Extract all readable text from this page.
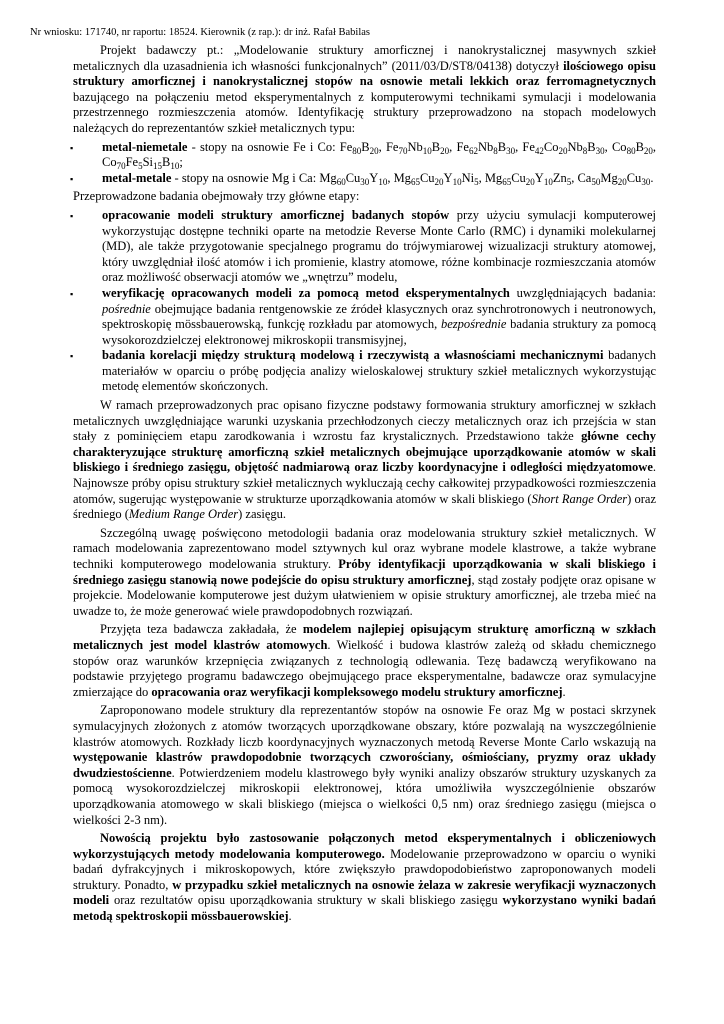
Nr wniosku: 171740, nr raportu: 18524. Kierownik (z rap.): dr inż. Rafał Babilas

Projekt badawczy pt.: „Modelowanie struktury amorficznej i nanokrystalicznej masywnych szkieł metalicznych dla uzasadnienia ich własności funkcjonalnych” (2011/03/D/ST8/04138) dotyczył ilościowego opisu struktury amorficznej i nanokrystalicznej stopów na osnowie metali lekkich oraz ferromagnetycznych bazującego na połączeniu metod eksperymentalnych z komputerowymi technikami symulacji i modelowania przestrzennego rozmieszczenia atomów. Identyfikację struktury przeprowadzono na stopach modelowych należących do reprezentantów szkieł metalicznych typu:

▪ metal-niemetale - stopy na osnowie Fe i Co: $Fe_{80}B_{20}$, $Fe_{70}Nb_{10}B_{20}$, $Fe_{62}Nb_8B_{30}$, $Fe_{42}Co_{20}Nb_8B_{30}$, $Co_{80}B_{20}$, $Co_{70}Fe_5Si_{15}B_{10}$;
▪ metal-metale - stopy na osnowie Mg i Ca: $Mg_{60}Cu_{30}Y_{10}$, $Mg_{65}Cu_{20}Y_{10}Ni_5$, $Mg_{65}Cu_{20}Y_{10}Zn_5$, $Ca_{50}Mg_{20}Cu_{30}$.

Przeprowadzone badania obejmowały trzy główne etapy:

▪ opracowanie modeli struktury amorficznej badanych stopów przy użyciu symulacji komputerowej wykorzystując dostępne techniki oparte na metodzie Reverse Monte Carlo (RMC) i dynamiki molekularnej (MD), ale także przygotowanie specjalnego programu do trójwymiarowej wizualizacji struktury atomowej, który uwzględniał ilość atomów i ich promienie, klastry atomowe, różne kombinacje rozmieszczania atomów oraz możliwość obserwacji atomów we „wnętrzu” modelu,
▪ weryfikację opracowanych modeli za pomocą metod eksperymentalnych uwzględniających badania: pośrednie obejmujące badania rentgenowskie ze źródeł klasycznych oraz synchrotronowych i neutronowych, spektroskopię mössbauerowską, funkcję rozkładu par atomowych, bezpośrednie badania struktury za pomocą wysokorozdzielczej elektronowej mikroskopii transmisyjnej,
▪ badania korelacji między strukturą modelową i rzeczywistą a własnościami mechanicznymi badanych materiałów w oparciu o próbę podjęcia analizy wieloskalowej struktury szkieł metalicznych wykorzystując metodę elementów skończonych.

W ramach przeprowadzonych prac opisano fizyczne podstawy formowania struktury amorficznej w szkłach metalicznych uwzględniające warunki uzyskania przechłodzonych cieczy metalicznych oraz ich przejścia w stan stały z pominięciem etapu zarodkowania i wzrostu faz krystalicznych. Przedstawiono także główne cechy charakteryzujące strukturę amorficzną szkieł metalicznych obejmujące uporządkowanie atomów w skali bliskiego i średniego zasięgu, objętość nadmiarową oraz liczby koordynacyjne i odległości międzyatomowe. Najnowsze próby opisu struktury szkieł metalicznych wykluczają cechy całkowitej przypadkowości rozmieszczenia atomów, sugerując występowanie w strukturze uporządkowania atomów w skali bliskiego (Short Range Order) oraz średniego (Medium Range Order) zasięgu.

Szczególną uwagę poświęcono metodologii badania oraz modelowania struktury szkieł metalicznych. W ramach modelowania zaprezentowano model sztywnych kul oraz wybrane modele klastrowe, a także wybrane techniki komputerowego modelowania struktury. Próby identyfikacji uporządkowania w skali bliskiego i średniego zasięgu stanowią nowe podejście do opisu struktury amorficznej, stąd zostały podjęte oraz opisane w projekcie. Modelowanie komputerowe jest dużym ułatwieniem w opisie struktury amorficznej, ale trzeba mieć na uwadze to, że może generować wiele prawdopodobnych rozwiązań.

Przyjęta teza badawcza zakładała, że modelem najlepiej opisującym strukturę amorficzną w szkłach metalicznych jest model klastrów atomowych. Wielkość i budowa klastrów zależą od składu chemicznego stopów oraz warunków krzepnięcia związanych z technologią odlewania. Tezę badawczą weryfikowano na podstawie przyjętego programu badawczego obejmującego prace eksperymentalne, badawcze oraz symulacyjne zmierzające do opracowania oraz weryfikacji kompleksowego modelu struktury amorficznej.

Zaproponowano modele struktury dla reprezentantów stopów na osnowie Fe oraz Mg w postaci skrzynek symulacyjnych złożonych z atomów tworzących uporządkowane obszary, które pozwalają na wyszczególnienie klastrów atomowych. Rozkłady liczb koordynacyjnych wyznaczonych metodą Reverse Monte Carlo wskazują na występowanie klastrów prawdopodobnie tworzących czworościany, ośmiościany, pryzmy oraz układy dwudziestościenne. Potwierdzeniem modelu klastrowego były wyniki analizy obszarów struktury uzyskanych za pomocą wysokorozdzielczej mikroskopii elektronowej, która umożliwiła wyszczególnienie obszarów uporządkowania atomowego w skali bliskiego (miejsca o wielkości 0,5 nm) oraz średniego zasięgu (miejsca o wielkości 2-3 nm).

Nowością projektu było zastosowanie połączonych metod eksperymentalnych i obliczeniowych wykorzystujących metody modelowania komputerowego. Modelowanie przeprowadzono w oparciu o wyniki badań dyfrakcyjnych i mikroskopowych, które zwiększyło prawdopodobieństwo zaproponowanych modeli struktury. Ponadto, w przypadku szkieł metalicznych na osnowie żelaza w zakresie weryfikacji wyznaczonych modeli oraz rezultatów opisu uporządkowania struktury w skali bliskiego zasięgu wykorzystano wyniki badań metodą spektroskopii mössbauerowskiej.
